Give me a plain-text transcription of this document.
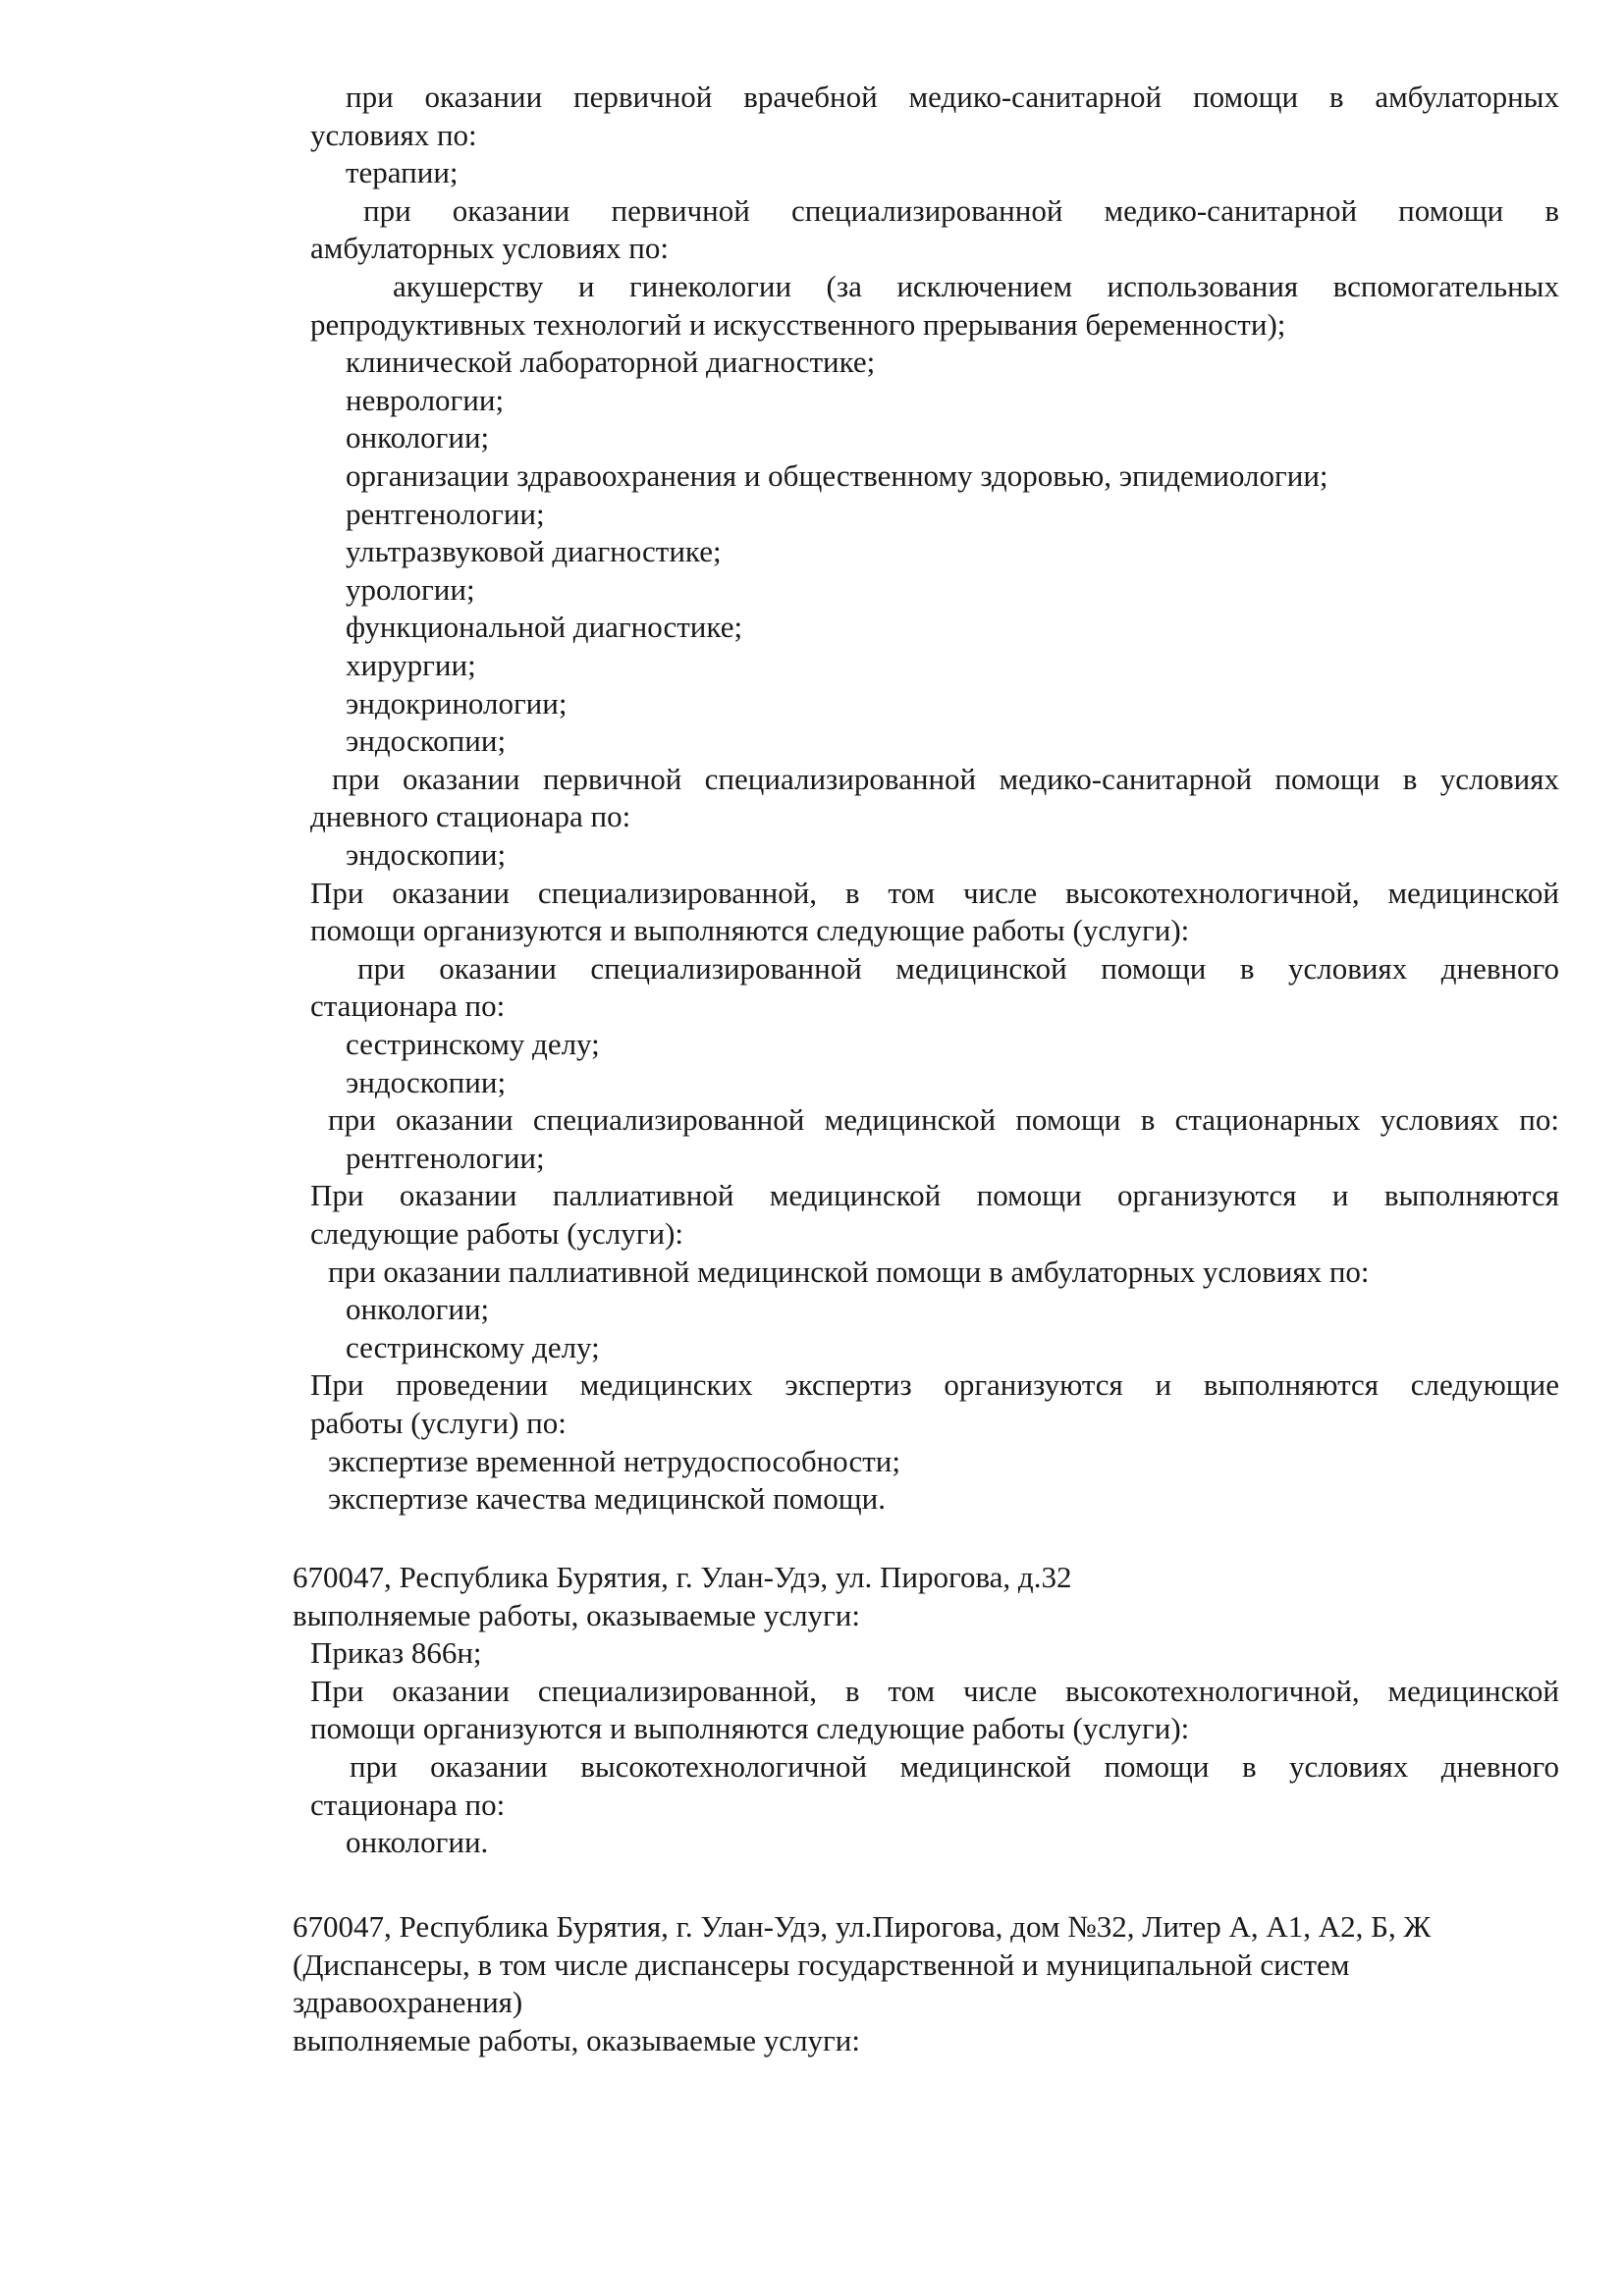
при оказании первичной врачебной медико-санитарной помощи в амбулаторных
условиях по:
терапии;
при оказании первичной специализированной медико-санитарной помощи в
амбулаторных условиях по:
акушерству и гинекологии (за исключением использования вспомогательных
репродуктивных технологий и искусственного прерывания беременности);
клинической лабораторной диагностике;
неврологии;
онкологии;
организации здравоохранения и общественному здоровью, эпидемиологии;
рентгенологии;
ультразвуковой диагностике;
урологии;
функциональной диагностике;
хирургии;
эндокринологии;
эндоскопии;
при оказании первичной специализированной медико-санитарной помощи в условиях
дневного стационара по:
эндоскопии;
При оказании специализированной, в том числе высокотехнологичной, медицинской
помощи организуются и выполняются следующие работы (услуги):
при оказании специализированной медицинской помощи в условиях дневного
стационара по:
сестринскому делу;
эндоскопии;
при оказании специализированной медицинской помощи в стационарных условиях по:
рентгенологии;
При оказании паллиативной медицинской помощи организуются и выполняются
следующие работы (услуги):
при оказании паллиативной медицинской помощи в амбулаторных условиях по:
онкологии;
сестринскому делу;
При проведении медицинских экспертиз организуются и выполняются следующие
работы (услуги) по:
экспертизе временной нетрудоспособности;
экспертизе качества медицинской помощи.
670047, Республика Бурятия, г. Улан-Удэ, ул. Пирогова, д.32
выполняемые работы, оказываемые услуги:
Приказ 866н;
При оказании специализированной, в том числе высокотехнологичной, медицинской
помощи организуются и выполняются следующие работы (услуги):
при оказании высокотехнологичной медицинской помощи в условиях дневного
стационара по:
онкологии.
670047, Республика Бурятия, г. Улан-Удэ, ул.Пирогова, дом №32, Литер А, А1, А2, Б, Ж
(Диспансеры, в том числе диспансеры государственной и муниципальной систем
здравоохранения)
выполняемые работы, оказываемые услуги:
